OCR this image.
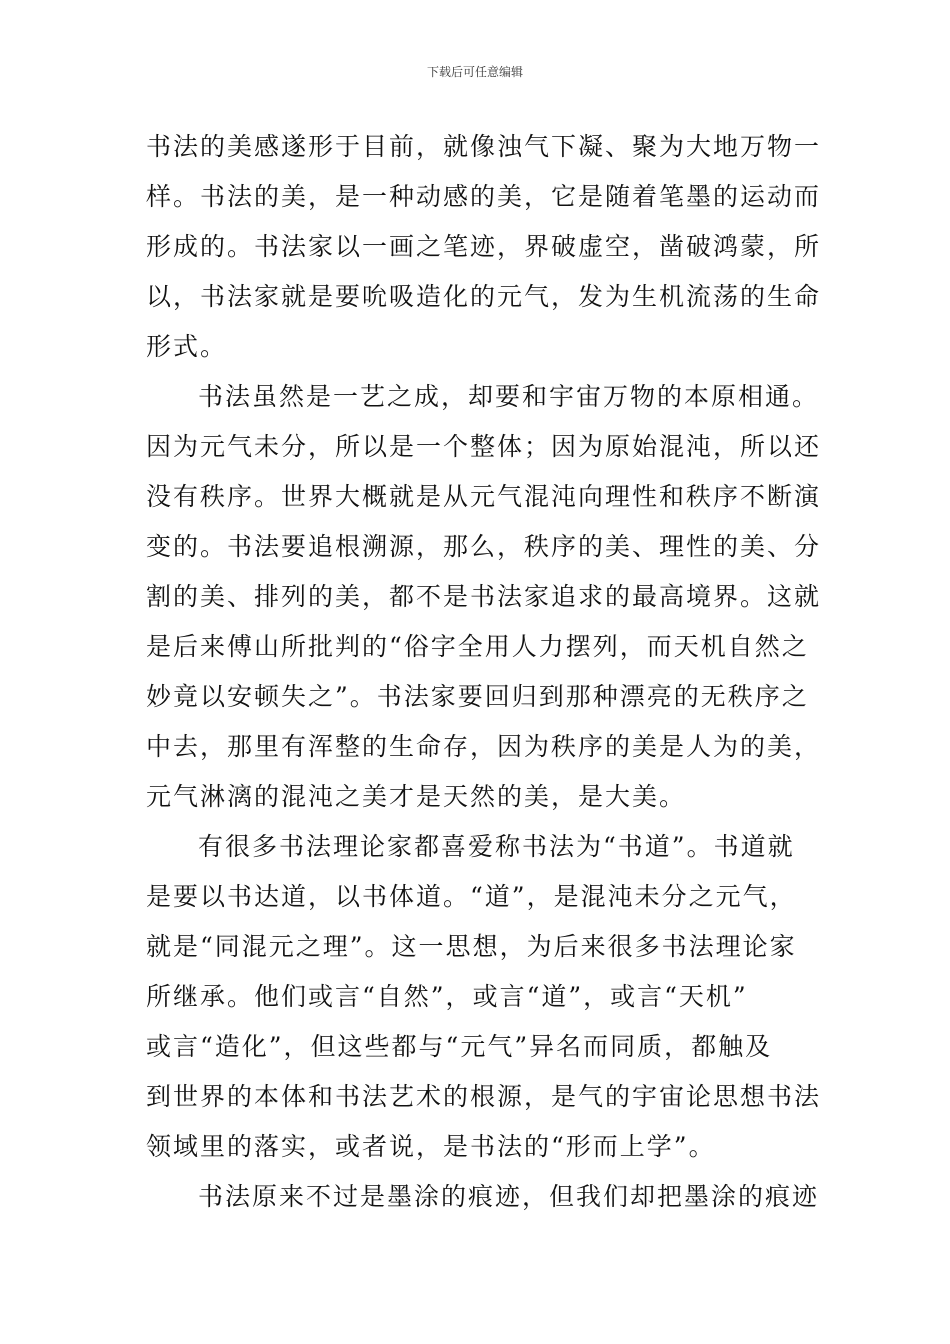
下载后可任意编辑
书法的美感遂形于目前，就像浊气下凝、聚为大地万物一
样。书法的美，是一种动感的美，它是随着笔墨的运动而
形成的。书法家以一画之笔迹，界破虚空，凿破鸿蒙，所
以，书法家就是要吮吸造化的元气，发为生机流荡的生命
形式。
书法虽然是一艺之成，却要和宇宙万物的本原相通。
因为元气未分，所以是一个整体；因为原始混沌，所以还
没有秩序。世界大概就是从元气混沌向理性和秩序不断演
变的。书法要追根溯源，那么，秩序的美、理性的美、分
割的美、排列的美，都不是书法家追求的最高境界。这就
是后来傅山所批判的“俗字全用人力摆列，而天机自然之
妙竟以安顿失之”。书法家要回归到那种漂亮的无秩序之
中去，那里有浑整的生命存，因为秩序的美是人为的美，
元气淋漓的混沌之美才是天然的美，是大美。
有很多书法理论家都喜爱称书法为“书道”。书道就
是要以书达道，以书体道。“道”，是混沌未分之元气，
就是“同混元之理”。这一思想，为后来很多书法理论家
所继承。他们或言“自然”，或言“道”，或言“天机”
或言“造化”，但这些都与“元气”异名而同质，都触及
到世界的本体和书法艺术的根源，是气的宇宙论思想书法
领域里的落实，或者说，是书法的“形而上学”。
书法原来不过是墨涂的痕迹，但我们却把墨涂的痕迹
